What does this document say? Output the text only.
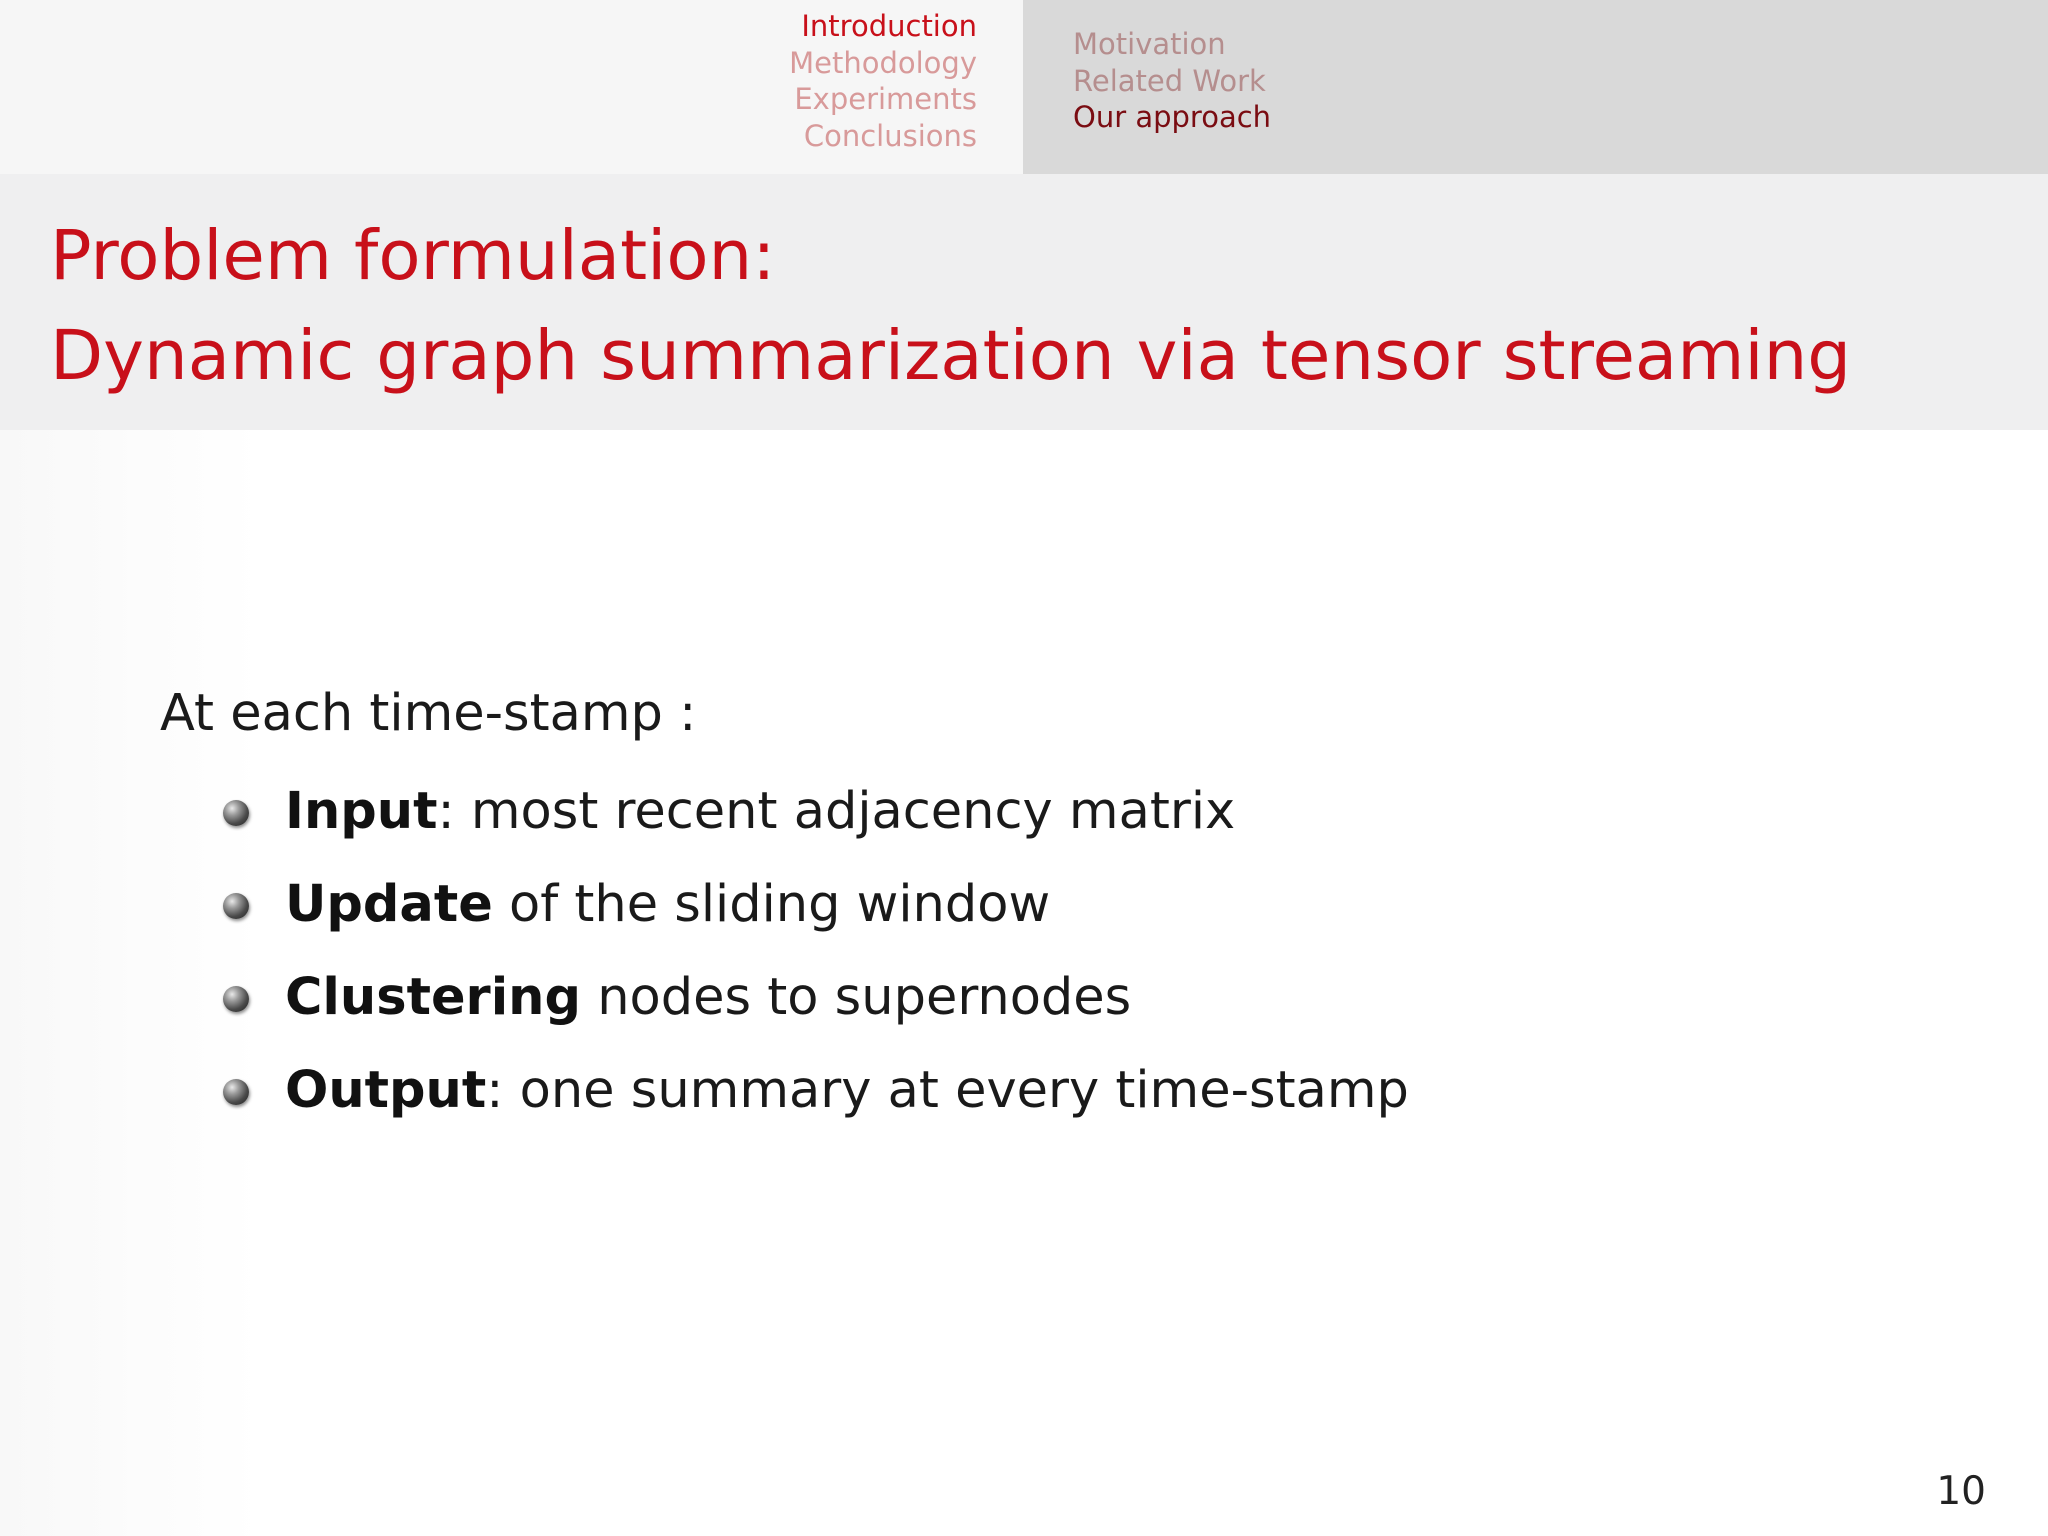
Introduction
Methodology
Experiments
Conclusions
Motivation
Related Work
Our approach
Problem formulation:
Dynamic graph summarization via tensor streaming
At each time-stamp :
Input: most recent adjacency matrix
Update of the sliding window
Clustering nodes to supernodes
Output: one summary at every time-stamp
10
